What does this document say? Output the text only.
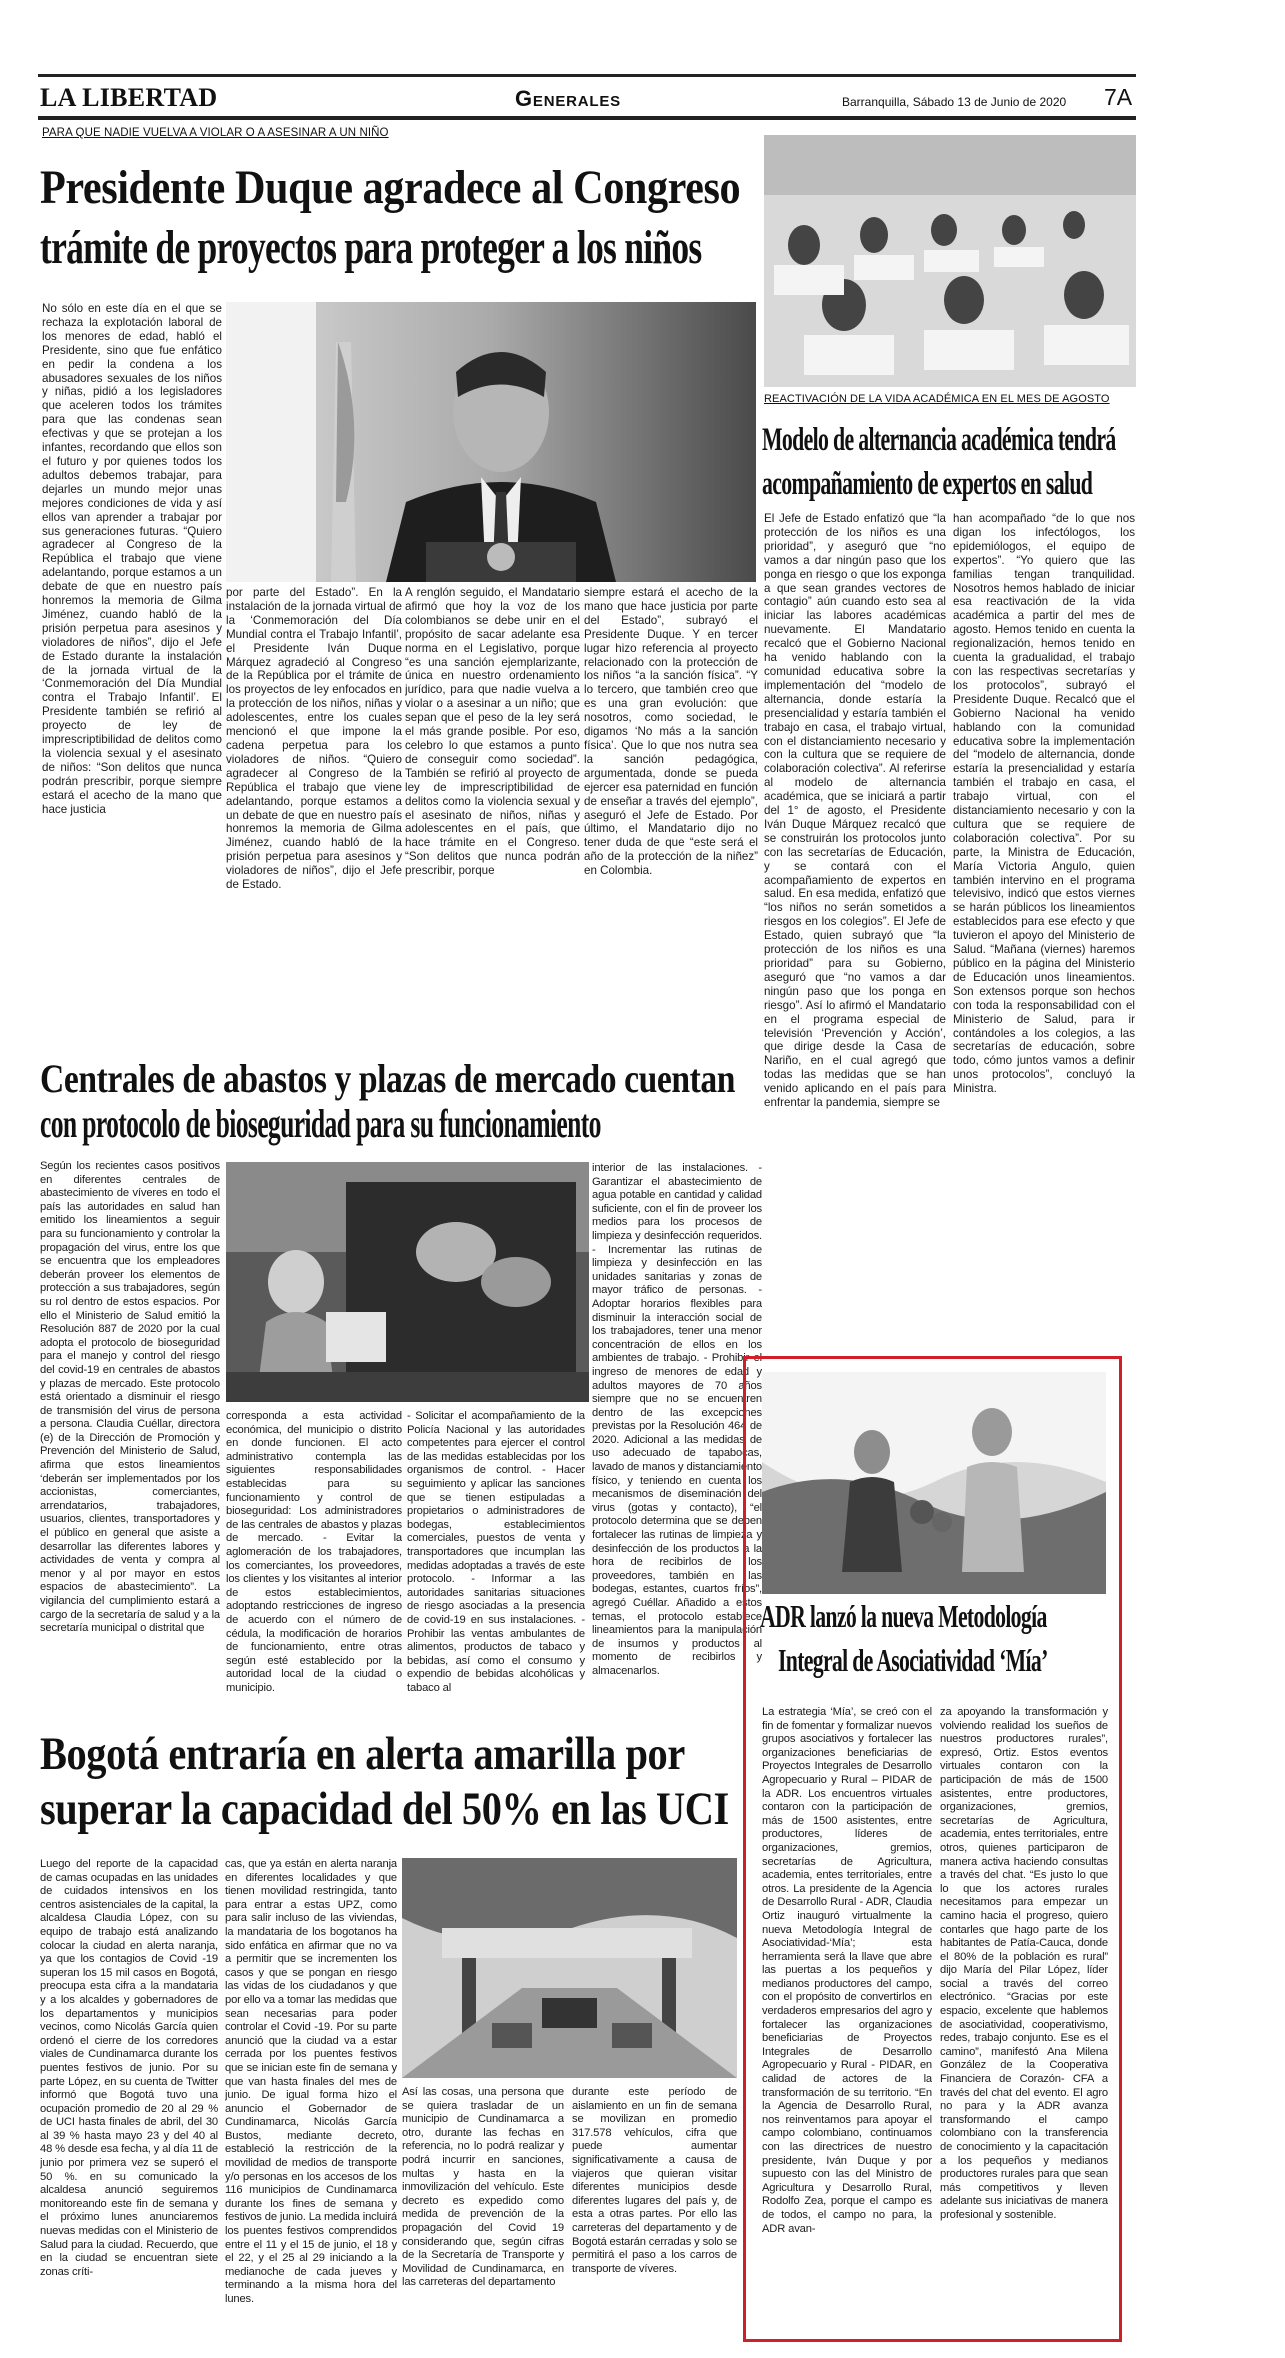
LA LIBERTAD	Generales	Barranquilla, Sábado 13 de Junio de 2020 7A
PARA QUE NADIE VUELVA A VIOLAR O A ASESINAR A UN NIÑO
Presidente Duque agradece al Congreso
trámite de proyectos para proteger a los niños

No sólo en este día en el que se rechaza la explotación laboral de los menores de edad, habló el Presidente, sino que fue enfático en pedir la condena a los abusadores sexuales de los niños y niñas, pidió a los legisladores que aceleren todos los trámites para que las condenas sean efectivas y que se protejan a los infantes, recordando que ellos son el futuro y por quienes todos los adultos debemos trabajar, para dejarles un mundo mejor unas mejores condiciones de vida y así ellos van aprender a trabajar por sus generaciones futuras. “Quiero agradecer al Congreso de la República el trabajo que viene adelantando, porque estamos a un debate de que en nuestro país honremos la memoria de Gilma Jiménez, cuando habló de la prisión perpetua para asesinos y violadores de niños”, dijo el Jefe de Estado durante la instalación de la jornada virtual de la ‘Conmemoración del Día Mundial contra el Trabajo Infantil’. El Presidente también se refirió al proyecto de ley de imprescriptibilidad de delitos como la violencia sexual y el asesinato de niños: “Son delitos que nunca podrán prescribir, porque siempre estará el acecho de la mano que hace justicia

por parte del Estado”. En la instalación de la jornada virtual de la ‘Conmemoración del Día Mundial contra el Trabajo Infantil’, el Presidente Iván Duque Márquez agradeció al Congreso de la República por el trámite de los proyectos de ley enfocados en la protección de los niños, niñas y adolescentes, entre los cuales mencionó el que impone la cadena perpetua para los violadores de niños. “Quiero agradecer al Congreso de la República el trabajo que viene adelantando, porque estamos a un debate de que en nuestro país honremos la memoria de Gilma Jiménez, cuando habló de la prisión perpetua para asesinos y violadores de niños”, dijo el Jefe de Estado.

A renglón seguido, el Mandatario afirmó que hoy la voz de los colombianos se debe unir en el propósito de sacar adelante esa norma en el Legislativo, porque “es una sanción ejemplarizante, única en nuestro ordenamiento jurídico, para que nadie vuelva a violar o a asesinar a un niño; que sepan que el peso de la ley será el más grande posible. Por eso, celebro lo que estamos a punto de conseguir como sociedad”. También se refirió al proyecto de ley de imprescriptibilidad de delitos como la violencia sexual y el asesinato de niños, niñas y adolescentes en el país, que hace trámite en el Congreso. “Son delitos que nunca podrán prescribir, porque

siempre estará el acecho de la mano que hace justicia por parte del Estado”, subrayó el Presidente Duque. Y en tercer lugar hizo referencia al proyecto relacionado con la protección de los niños “a la sanción física”. “Y lo tercero, que también creo que es una gran evolución: que nosotros, como sociedad, le digamos ‘No más a la sanción física’. Que lo que nos nutra sea la sanción pedagógica, argumentada, donde se pueda ejercer esa paternidad en función de enseñar a través del ejemplo”, aseguró el Jefe de Estado. Por último, el Mandatario dijo no tener duda de que “este será el año de la protección de la niñez” en Colombia.

REACTIVACIÓN DE LA VIDA ACADÉMICA EN EL MES DE AGOSTO
Modelo de alternancia académica tendrá
acompañamiento de expertos en salud

El Jefe de Estado enfatizó que “la protección de los niños es una prioridad”, y aseguró que “no vamos a dar ningún paso que los ponga en riesgo o que los exponga a que sean grandes vectores de contagio” aún cuando esto sea al iniciar las labores académicas nuevamente. El Mandatario recalcó que el Gobierno Nacional ha venido hablando con la comunidad educativa sobre la implementación del “modelo de alternancia, donde estaría la presencialidad y estaría también el trabajo en casa, el trabajo virtual, con el distanciamiento necesario y con la cultura que se requiere de colaboración colectiva”. Al referirse al modelo de alternancia académica, que se iniciará a partir del 1° de agosto, el Presidente Iván Duque Márquez recalcó que se construirán los protocolos junto con las secretarías de Educación, y se contará con el acompañamiento de expertos en salud. En esa medida, enfatizó que “los niños no serán sometidos a riesgos en los colegios”. El Jefe de Estado, quien subrayó que “la protección de los niños es una prioridad” para su Gobierno, aseguró que “no vamos a dar ningún paso que los ponga en riesgo”. Así lo afirmó el Mandatario en el programa especial de televisión ‘Prevención y Acción’, que dirige desde la Casa de Nariño, en el cual agregó que todas las medidas que se han venido aplicando en el país para enfrentar la pandemia, siempre se

han acompañado “de lo que nos digan los infectólogos, los epidemiólogos, el equipo de expertos”. “Yo quiero que las familias tengan tranquilidad. Nosotros hemos hablado de iniciar esa reactivación de la vida académica a partir del mes de agosto. Hemos tenido en cuenta la regionalización, hemos tenido en cuenta la gradualidad, el trabajo con las respectivas secretarías y los protocolos”, subrayó el Presidente Duque. Recalcó que el Gobierno Nacional ha venido hablando con la comunidad educativa sobre la implementación del “modelo de alternancia, donde estaría la presencialidad y estaría también el trabajo en casa, el trabajo virtual, con el distanciamiento necesario y con la cultura que se requiere de colaboración colectiva”. Por su parte, la Ministra de Educación, María Victoria Angulo, quien también intervino en el programa televisivo, indicó que estos viernes se harán públicos los lineamientos establecidos para ese efecto y que tuvieron el apoyo del Ministerio de Salud. “Mañana (viernes) haremos público en la página del Ministerio de Educación unos lineamientos. Son extensos porque son hechos con toda la responsabilidad con el Ministerio de Salud, para ir contándoles a los colegios, a las secretarías de educación, sobre todo, cómo juntos vamos a definir unos protocolos”, concluyó la Ministra.

Centrales de abastos y plazas de mercado cuentan
con protocolo de bioseguridad para su funcionamiento

Según los recientes casos positivos en diferentes centrales de abastecimiento de víveres en todo el país las autoridades en salud han emitido los lineamientos a seguir para su funcionamiento y controlar la propagación del virus, entre los que se encuentra que los empleadores deberán proveer los elementos de protección a sus trabajadores, según su rol dentro de estos espacios. Por ello el Ministerio de Salud emitió la Resolución 887 de 2020 por la cual adopta el protocolo de bioseguridad para el manejo y control del riesgo del covid-19 en centrales de abastos y plazas de mercado. Este protocolo está orientado a disminuir el riesgo de transmisión del virus de persona a persona. Claudia Cuéllar, directora (e) de la Dirección de Promoción y Prevención del Ministerio de Salud, afirma que estos lineamientos ‘deberán ser implementados por los accionistas, comerciantes, arrendatarios, trabajadores, usuarios, clientes, transportadores y el público en general que asiste a desarrollar las diferentes labores y actividades de venta y compra al menor y al por mayor en estos espacios de abastecimiento”. La vigilancia del cumplimiento estará a cargo de la secretaría de salud y a la secretaría municipal o distrital que

corresponda a esta actividad económica, del municipio o distrito en donde funcionen. El acto administrativo contempla las siguientes responsabilidades establecidas para su funcionamiento y control de bioseguridad: Los administradores de las centrales de abastos y plazas de mercado. - Evitar la aglomeración de los trabajadores, los comerciantes, los proveedores, los clientes y los visitantes al interior de estos establecimientos, adoptando restricciones de ingreso de acuerdo con el número de cédula, la modificación de horarios de funcionamiento, entre otras según esté establecido por la autoridad local de la ciudad o municipio.

- Solicitar el acompañamiento de la Policía Nacional y las autoridades competentes para ejercer el control de las medidas establecidas por los organismos de control. - Hacer seguimiento y aplicar las sanciones que se tienen estipuladas a propietarios o administradores de bodegas, establecimientos comerciales, puestos de venta y transportadores que incumplan las medidas adoptadas a través de este protocolo. - Informar a las autoridades sanitarias situaciones de riesgo asociadas a la presencia de covid-19 en sus instalaciones. - Prohibir las ventas ambulantes de alimentos, productos de tabaco y bebidas, así como el consumo y expendio de bebidas alcohólicas y tabaco al

interior de las instalaciones. - Garantizar el abastecimiento de agua potable en cantidad y calidad suficiente, con el fin de proveer los medios para los procesos de limpieza y desinfección requeridos. - Incrementar las rutinas de limpieza y desinfección en las unidades sanitarias y zonas de mayor tráfico de personas. - Adoptar horarios flexibles para disminuir la interacción social de los trabajadores, tener una menor concentración de ellos en los ambientes de trabajo. - Prohibir el ingreso de menores de edad y adultos mayores de 70 años siempre que no se encuentren dentro de las excepciones previstas por la Resolución 464 de 2020. Adicional a las medidas de uso adecuado de tapabocas, lavado de manos y distanciamiento físico, y teniendo en cuenta los mecanismos de diseminación del virus (gotas y contacto), “el protocolo determina que se deben fortalecer las rutinas de limpieza y desinfección de los productos a la hora de recibirlos de los proveedores, también en las bodegas, estantes, cuartos fríos”, agregó Cuéllar. Añadido a estos temas, el protocolo establece lineamientos para la manipulación de insumos y productos al momento de recibirlos y almacenarlos.

ADR lanzó la nueva Metodología
Integral de Asociatividad ‘Mía’

La estrategia ‘Mía’, se creó con el fin de fomentar y formalizar nuevos grupos asociativos y fortalecer las organizaciones beneficiarias de Proyectos Integrales de Desarrollo Agropecuario y Rural – PIDAR de la ADR. Los encuentros virtuales contaron con la participación de más de 1500 asistentes, entre productores, líderes de organizaciones, gremios, secretarías de Agricultura, academia, entes territoriales, entre otros. La presidente de la Agencia de Desarrollo Rural - ADR, Claudia Ortiz inauguró virtualmente la nueva Metodología Integral de Asociatividad-‘Mía’; esta herramienta será la llave que abre las puertas a los pequeños y medianos productores del campo, con el propósito de convertirlos en verdaderos empresarios del agro y fortalecer las organizaciones beneficiarias de Proyectos Integrales de Desarrollo Agropecuario y Rural - PIDAR, en calidad de actores de la transformación de su territorio. “En la Agencia de Desarrollo Rural, nos reinventamos para apoyar el campo colombiano, continuamos con las directrices de nuestro presidente, Iván Duque y por supuesto con las del Ministro de Agricultura y Desarrollo Rural, Rodolfo Zea, porque el campo es de todos, el campo no para, la ADR avan-

za apoyando la transformación y volviendo realidad los sueños de nuestros productores rurales”, expresó, Ortiz. Estos eventos virtuales contaron con la participación de más de 1500 asistentes, entre productores, organizaciones, gremios, secretarías de Agricultura, academia, entes territoriales, entre otros, quienes participaron de manera activa haciendo consultas a través del chat. “Es justo lo que lo que los actores rurales necesitamos para empezar un camino hacia el progreso, quiero contarles que hago parte de los habitantes de Patía-Cauca, donde el 80% de la población es rural” dijo María del Pilar López, líder social a través del correo electrónico. “Gracias por este espacio, excelente que hablemos de asociatividad, cooperativismo, redes, trabajo conjunto. Ese es el camino”, manifestó Ana Milena González de la Cooperativa Financiera de Corazón- CFA a través del chat del evento. El agro no para y la ADR avanza transformando el campo colombiano con la transferencia de conocimiento y la capacitación a los pequeños y medianos productores rurales para que sean más competitivos y lleven adelante sus iniciativas de manera profesional y sostenible.

Bogotá entraría en alerta amarilla por
superar la capacidad del 50% en las UCI

Luego del reporte de la capacidad de camas ocupadas en las unidades de cuidados intensivos en los centros asistenciales de la capital, la alcaldesa Claudia López, con su equipo de trabajo está analizando colocar la ciudad en alerta naranja, ya que los contagios de Covid -19 superan los 15 mil casos en Bogotá, preocupa esta cifra a la mandataria y a los alcaldes y gobernadores de los departamentos y municipios vecinos, como Nicolás García quien ordenó el cierre de los corredores viales de Cundinamarca durante los puentes festivos de junio. Por su parte López, en su cuenta de Twitter informó que Bogotá tuvo una ocupación promedio de 20 al 29 % de UCI hasta finales de abril, del 30 al 39 % hasta mayo 23 y del 40 al 48 % desde esa fecha, y al día 11 de junio por primera vez se superó el 50 %. en su comunicado la alcaldesa anunció seguiremos monitoreando este fin de semana y el próximo lunes anunciaremos nuevas medidas con el Ministerio de Salud para la ciudad. Recuerdo, que en la ciudad se encuentran siete zonas críti-

cas, que ya están en alerta naranja en diferentes localidades y que tienen movilidad restringida, tanto para entrar a estas UPZ, como para salir incluso de las viviendas, la mandataria de los bogotanos ha sido enfática en afirmar que no va a permitir que se incrementen los casos y que se pongan en riesgo las vidas de los ciudadanos y que por ello va a tomar las medidas que sean necesarias para poder controlar el Covid -19. Por su parte anunció que la ciudad va a estar cerrada por los puentes festivos que se inician este fin de semana y que van hasta finales del mes de junio. De igual forma hizo el anuncio el Gobernador de Cundinamarca, Nicolás García Bustos, mediante decreto, estableció la restricción de la movilidad de medios de transporte y/o personas en los accesos de los 116 municipios de Cundinamarca durante los fines de semana y festivos de junio. La medida incluirá los puentes festivos comprendidos entre el 11 y el 15 de junio, el 18 y el 22, y el 25 al 29 iniciando a la medianoche de cada jueves y terminando a la misma hora del lunes.

Así las cosas, una persona que se quiera trasladar de un municipio de Cundinamarca a otro, durante las fechas en referencia, no lo podrá realizar y podrá incurrir en sanciones, multas y hasta en la inmovilización del vehículo. Este decreto es expedido como medida de prevención de la propagación del Covid 19 considerando que, según cifras de la Secretaría de Transporte y Movilidad de Cundinamarca, en las carreteras del departamento

durante este período de aislamiento en un fin de semana se movilizan en promedio 317.578 vehículos, cifra que puede aumentar significativamente a causa de viajeros que quieran visitar diferentes municipios desde diferentes lugares del país y, de esta a otras partes. Por ello las carreteras del departamento y de Bogotá estarán cerradas y solo se permitirá el paso a los carros de transporte de víveres.
